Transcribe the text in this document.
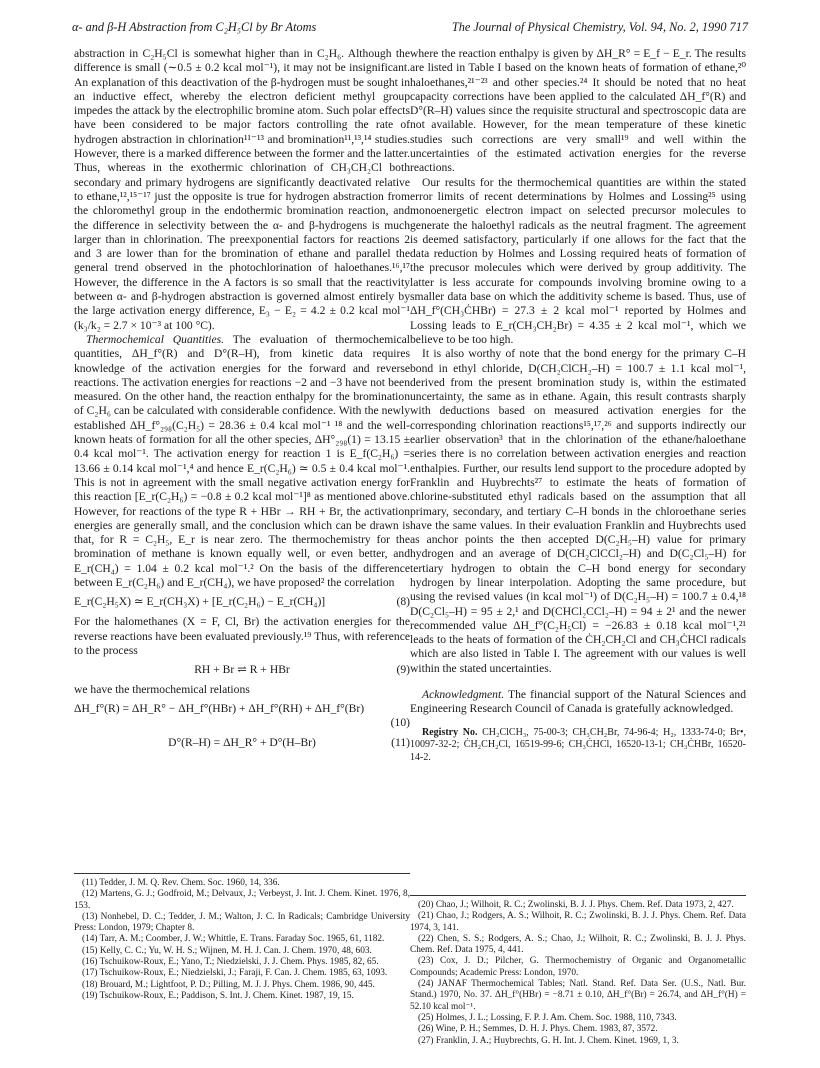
α- and β-H Abstraction from C₂H₅Cl by Br Atoms	The Journal of Physical Chemistry, Vol. 94, No. 2, 1990 717

abstraction in C₂H₅Cl is somewhat higher than in C₂H₆. Although the difference is small (∼0.5 ± 0.2 kcal mol⁻¹), it may not be insignificant. An explanation of this deactivation of the β-hydrogen must be sought in an inductive effect, whereby the electron deficient methyl group impedes the attack by the electrophilic bromine atom. Such polar effects have been considered to be major factors controlling the rate of hydrogen abstraction in chlorination¹¹⁻¹³ and bromination¹¹,¹³,¹⁴ studies. However, there is a marked difference between the former and the latter. Thus, whereas in the exothermic chlorination of CH₃CH₂Cl both secondary and primary hydrogens are significantly deactivated relative to ethane,¹²,¹⁵⁻¹⁷ just the opposite is true for hydrogen abstraction from the chloromethyl group in the endothermic bromination reaction, and the difference in selectivity between the α- and β-hydrogens is much larger than in chlorination. The preexponential factors for reactions 2 and 3 are lower than for the bromination of ethane and parallel the general trend observed in the photochlorination of haloethanes.¹⁶,¹⁷ However, the difference in the A factors is so small that the reactivity between α- and β-hydrogen abstraction is governed almost entirely by the large activation energy difference, E₃ − E₂ = 4.2 ± 0.2 kcal mol⁻¹ (k₃/k₂ = 2.7 × 10⁻³ at 100 °C).

Thermochemical Quantities. The evaluation of thermochemical quantities, ΔH_f°(R) and D°(R–H), from kinetic data requires knowledge of the activation energies for the forward and reverse reactions. The activation energies for reactions −2 and −3 have not been measured. On the other hand, the reaction enthalpy for the bromination of C₂H₆ can be calculated with considerable confidence. With the newly established ΔH_f°₂₉₈(C₂H₅) = 28.36 ± 0.4 kcal mol⁻¹ ¹⁸ and the well-known heats of formation for all the other species, ΔH°₂₉₈(1) = 13.15 ± 0.4 kcal mol⁻¹. The activation energy for reaction 1 is E_f(C₂H₆) = 13.66 ± 0.14 kcal mol⁻¹,⁴ and hence E_r(C₂H₆) ≃ 0.5 ± 0.4 kcal mol⁻¹. This is not in agreement with the small negative activation energy for this reaction [E_r(C₂H₆) = −0.8 ± 0.2 kcal mol⁻¹]⁸ as mentioned above. However, for reactions of the type R + HBr → RH + Br, the activation energies are generally small, and the conclusion which can be drawn is that, for R = C₂H₅, E_r is near zero. The thermochemistry for the bromination of methane is known equally well, or even better, and E_r(CH₄) = 1.04 ± 0.2 kcal mol⁻¹.² On the basis of the difference between E_r(C₂H₆) and E_r(CH₄), we have proposed² the correlation

E_r(C₂H₅X) ≃ E_r(CH₃X) + [E_r(C₂H₆) − E_r(CH₄)]	(8)

For the halomethanes (X = F, Cl, Br) the activation energies for the reverse reactions have been evaluated previously.¹⁹ Thus, with reference to the process

RH + Br ⇌ R + HBr	(9)

we have the thermochemical relations

ΔH_f°(R) = ΔH_R° − ΔH_f°(HBr) + ΔH_f°(RH) + ΔH_f°(Br)
(10)
D°(R–H) = ΔH_R° + D°(H–Br)	(11)

where the reaction enthalpy is given by ΔH_R° = E_f − E_r. The results are listed in Table I based on the known heats of formation of ethane,²⁰ haloethanes,²¹⁻²³ and other species.²⁴ It should be noted that no heat capacity corrections have been applied to the calculated ΔH_f°(R) and D°(R–H) values since the requisite structural and spectroscopic data are not available. However, for the mean temperature of these kinetic studies such corrections are very small¹⁹ and well within the uncertainties of the estimated activation energies for the reverse reactions.

Our results for the thermochemical quantities are within the stated error limits of recent determinations by Holmes and Lossing²⁵ using monoenergetic electron impact on selected precursor molecules to generate the haloethyl radicals as the neutral fragment. The agreement is deemed satisfactory, particularly if one allows for the fact that the data reduction by Holmes and Lossing required heats of formation of the precusor molecules which were derived by group additivity. The latter is less accurate for compounds involving bromine owing to a smaller data base on which the additivity scheme is based. Thus, use of ΔH_f°(CH₃ĊHBr) = 27.3 ± 2 kcal mol⁻¹ reported by Holmes and Lossing leads to E_r(CH₃CH₂Br) = 4.35 ± 2 kcal mol⁻¹, which we believe to be too high.

It is also worthy of note that the bond energy for the primary C–H bond in ethyl chloride, D(CH₂ClCH₂–H) = 100.7 ± 1.1 kcal mol⁻¹, derived from the present bromination study is, within the estimated uncertainty, the same as in ethane. Again, this result contrasts sharply with deductions based on measured activation energies for the corresponding chlorination reactions¹⁵,¹⁷,²⁶ and supports indirectly our earlier observation³ that in the chlorination of the ethane/haloethane series there is no correlation between activation energies and reaction enthalpies. Further, our results lend support to the procedure adopted by Franklin and Huybrechts²⁷ to estimate the heats of formation of chlorine-substituted ethyl radicals based on the assumption that all primary, secondary, and tertiary C–H bonds in the chloroethane series have the same values. In their evaluation Franklin and Huybrechts used as anchor points the then accepted D(C₂H₅–H) value for primary hydrogen and an average of D(CH₂ClCCl₂–H) and D(C₂Cl₅–H) for tertiary hydrogen to obtain the C–H bond energy for secondary hydrogen by linear interpolation. Adopting the same procedure, but using the revised values (in kcal mol⁻¹) of D(C₂H₅–H) = 100.7 ± 0.4,¹⁸ D(C₂Cl₅–H) = 95 ± 2,¹ and D(CHCl₂CCl₂–H) = 94 ± 2¹ and the newer recommended value ΔH_f°(C₂H₅Cl) = −26.83 ± 0.18 kcal mol⁻¹,²¹ leads to the heats of formation of the ĊH₂CH₂Cl and CH₃ĊHCl radicals which are also listed in Table I. The agreement with our values is well within the stated uncertainties.

Acknowledgment. The financial support of the Natural Sciences and Engineering Research Council of Canada is gratefully acknowledged.

Registry No. CH₂ClCH₃, 75-00-3; CH₃CH₂Br, 74-96-4; H₂, 1333-74-0; Br•, 10097-32-2; ĊH₂CH₂Cl, 16519-99-6; CH₃ĊHCl, 16520-13-1; CH₃ĊHBr, 16520-14-2.

(11) Tedder, J. M. Q. Rev. Chem. Soc. 1960, 14, 336.

(12) Martens, G. J.; Godfroid, M.; Delvaux, J.; Verbeyst, J. Int. J. Chem. Kinet. 1976, 8, 153.

(13) Nonhebel, D. C.; Tedder, J. M.; Walton, J. C. In Radicals; Cambridge University Press: London, 1979; Chapter 8.

(14) Tarr, A. M.; Coomber, J. W.; Whittle, E. Trans. Faraday Soc. 1965, 61, 1182.

(15) Kelly, C. C.; Yu, W. H. S.; Wijnen, M. H. J. Can. J. Chem. 1970, 48, 603.

(16) Tschuikow-Roux, E.; Yano, T.; Niedzielski, J. J. Chem. Phys. 1985, 82, 65.

(17) Tschuikow-Roux, E.; Niedzielski, J.; Faraji, F. Can. J. Chem. 1985, 63, 1093.

(18) Brouard, M.; Lightfoot, P. D.; Pilling, M. J. J. Phys. Chem. 1986, 90, 445.

(19) Tschuikow-Roux, E.; Paddison, S. Int. J. Chem. Kinet. 1987, 19, 15.

(20) Chao, J.; Wilhoit, R. C.; Zwolinski, B. J. J. Phys. Chem. Ref. Data 1973, 2, 427.

(21) Chao, J.; Rodgers, A. S.; Wilhoit, R. C.; Zwolinski, B. J. J. Phys. Chem. Ref. Data 1974, 3, 141.

(22) Chen, S. S.; Rodgers, A. S.; Chao, J.; Wilhoit, R. C.; Zwolinski, B. J. J. Phys. Chem. Ref. Data 1975, 4, 441.

(23) Cox, J. D.; Pilcher, G. Thermochemistry of Organic and Organometallic Compounds; Academic Press: London, 1970.

(24) JANAF Thermochemical Tables; Natl. Stand. Ref. Data Ser. (U.S., Natl. Bur. Stand.) 1970, No. 37. ΔH_f°(HBr) = −8.71 ± 0.10, ΔH_f°(Br) = 26.74, and ΔH_f°(H) = 52.10 kcal mol⁻¹.

(25) Holmes, J. L.; Lossing, F. P. J. Am. Chem. Soc. 1988, 110, 7343.

(26) Wine, P. H.; Semmes, D. H. J. Phys. Chem. 1983, 87, 3572.

(27) Franklin, J. A.; Huybrechts, G. H. Int. J. Chem. Kinet. 1969, 1, 3.
